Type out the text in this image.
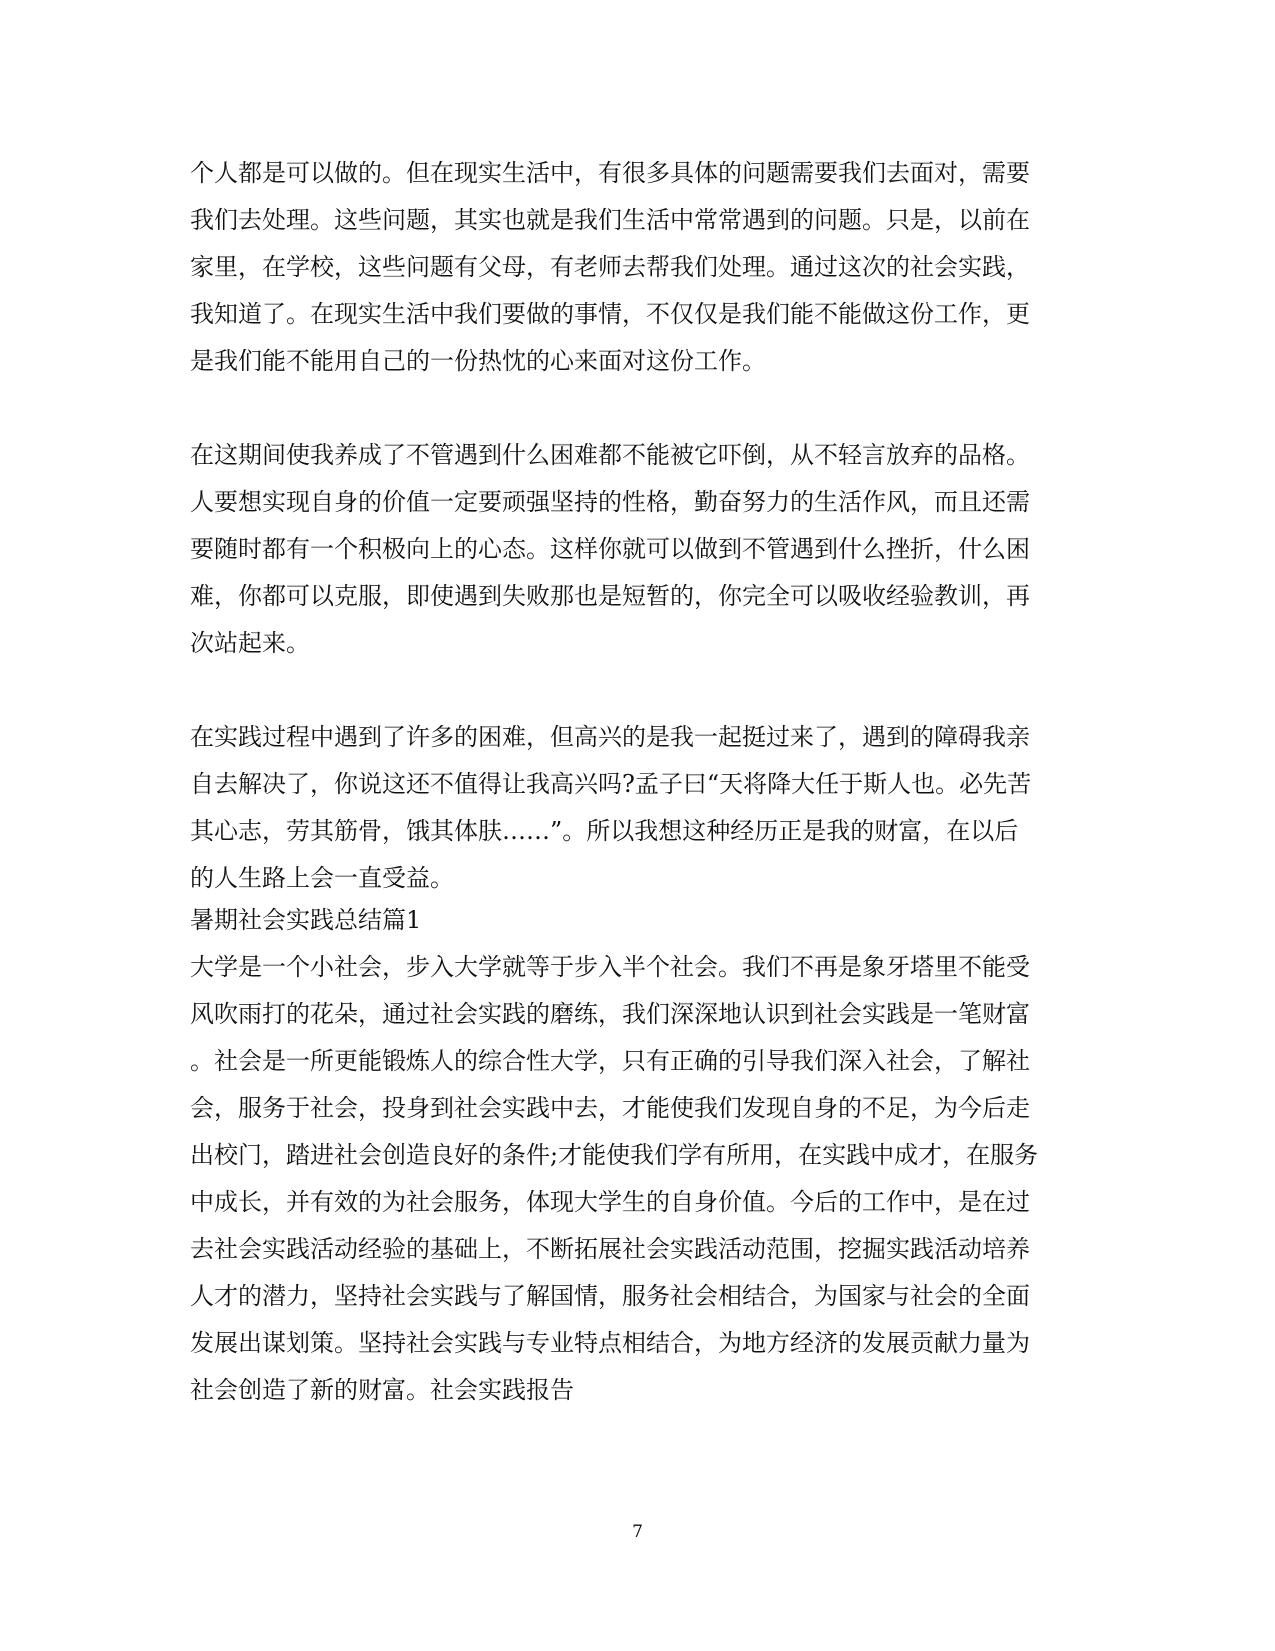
个人都是可以做的。但在现实生活中，有很多具体的问题需要我们去面对，需要
我们去处理。这些问题，其实也就是我们生活中常常遇到的问题。只是，以前在
家里，在学校，这些问题有父母，有老师去帮我们处理。通过这次的社会实践，
我知道了。在现实生活中我们要做的事情，不仅仅是我们能不能做这份工作，更
是我们能不能用自己的一份热忱的心来面对这份工作。
在这期间使我养成了不管遇到什么困难都不能被它吓倒，从不轻言放弃的品格。
人要想实现自身的价值一定要顽强坚持的性格，勤奋努力的生活作风，而且还需
要随时都有一个积极向上的心态。这样你就可以做到不管遇到什么挫折，什么困
难，你都可以克服，即使遇到失败那也是短暂的，你完全可以吸收经验教训，再
次站起来。
在实践过程中遇到了许多的困难，但高兴的是我一起挺过来了，遇到的障碍我亲
自去解决了，你说这还不值得让我高兴吗?孟子曰“天将降大任于斯人也。必先苦
其心志，劳其筋骨，饿其体肤……”。所以我想这种经历正是我的财富，在以后
的人生路上会一直受益。
暑期社会实践总结篇1
大学是一个小社会，步入大学就等于步入半个社会。我们不再是象牙塔里不能受
风吹雨打的花朵，通过社会实践的磨练，我们深深地认识到社会实践是一笔财富
。社会是一所更能锻炼人的综合性大学，只有正确的引导我们深入社会，了解社
会，服务于社会，投身到社会实践中去，才能使我们发现自身的不足，为今后走
出校门，踏进社会创造良好的条件;才能使我们学有所用，在实践中成才，在服务
中成长，并有效的为社会服务，体现大学生的自身价值。今后的工作中，是在过
去社会实践活动经验的基础上，不断拓展社会实践活动范围，挖掘实践活动培养
人才的潜力，坚持社会实践与了解国情，服务社会相结合，为国家与社会的全面
发展出谋划策。坚持社会实践与专业特点相结合，为地方经济的发展贡献力量为
社会创造了新的财富。社会实践报告
7
